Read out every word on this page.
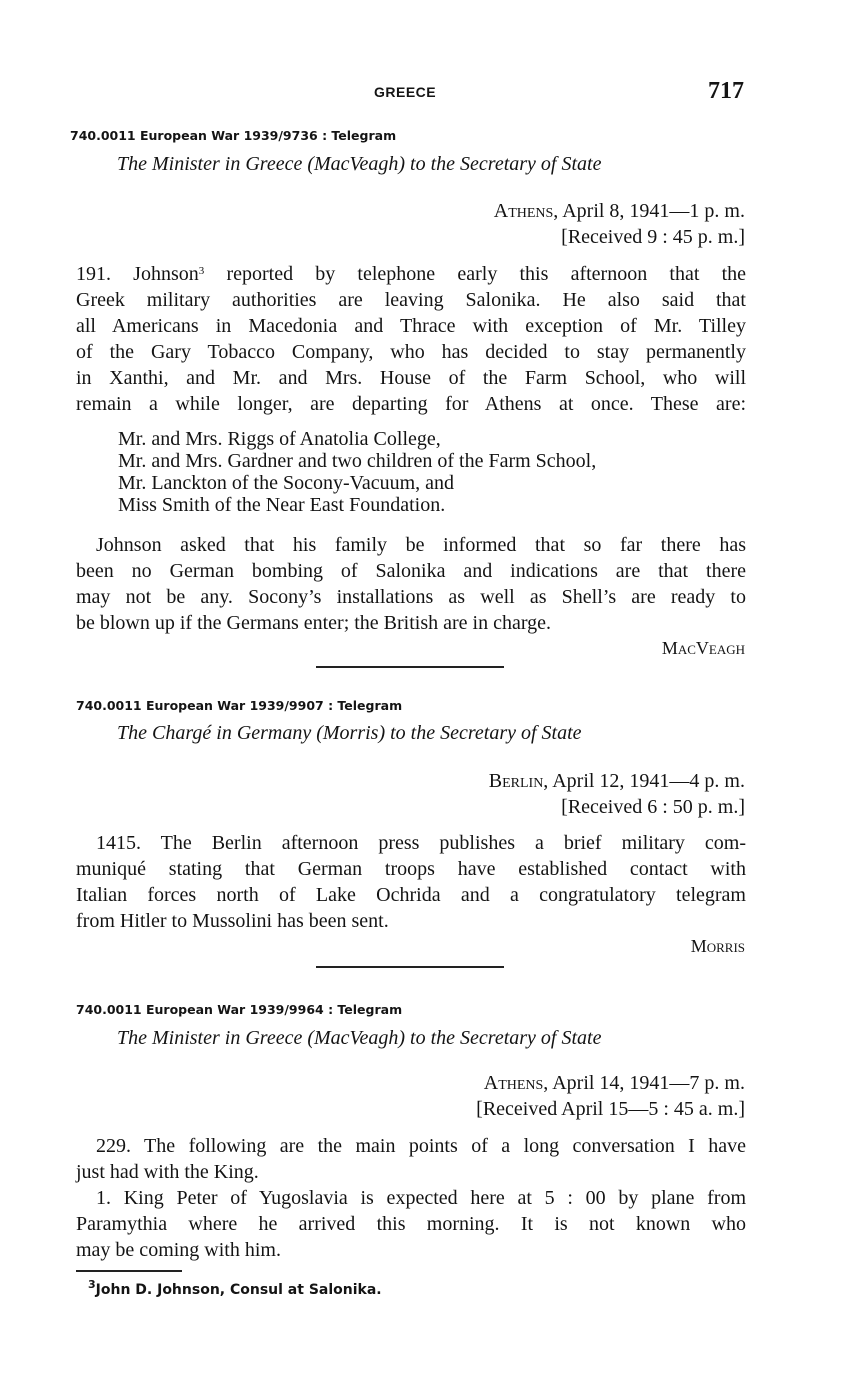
GREECE	717
740.0011 European War 1939/9736 : Telegram
The Minister in Greece (MacVeagh) to the Secretary of State
Athens, April 8, 1941—1 p. m.
[Received 9 : 45 p. m.]
191. Johnson$^3$ reported by telephone early this afternoon that the
Greek military authorities are leaving Salonika. He also said that
all Americans in Macedonia and Thrace with exception of Mr. Tilley
of the Gary Tobacco Company, who has decided to stay permanently
in Xanthi, and Mr. and Mrs. House of the Farm School, who will
remain a while longer, are departing for Athens at once. These are:
Mr. and Mrs. Riggs of Anatolia College,
Mr. and Mrs. Gardner and two children of the Farm School,
Mr. Lanckton of the Socony-Vacuum, and
Miss Smith of the Near East Foundation.
Johnson asked that his family be informed that so far there has
been no German bombing of Salonika and indications are that there
may not be any. Socony’s installations as well as Shell’s are ready to
be blown up if the Germans enter; the British are in charge.
MacVeagh
740.0011 European War 1939/9907 : Telegram
The Chargé in Germany (Morris) to the Secretary of State
Berlin, April 12, 1941—4 p. m.
[Received 6 : 50 p. m.]
1415. The Berlin afternoon press publishes a brief military com-
muniqué stating that German troops have established contact with
Italian forces north of Lake Ochrida and a congratulatory telegram
from Hitler to Mussolini has been sent.
Morris
740.0011 European War 1939/9964 : Telegram
The Minister in Greece (MacVeagh) to the Secretary of State
Athens, April 14, 1941—7 p. m.
[Received April 15—5 : 45 a. m.]
229. The following are the main points of a long conversation I have
just had with the King.
1. King Peter of Yugoslavia is expected here at 5 : 00 by plane from
Paramythia where he arrived this morning. It is not known who
may be coming with him.
$^3$John D. Johnson, Consul at Salonika.
